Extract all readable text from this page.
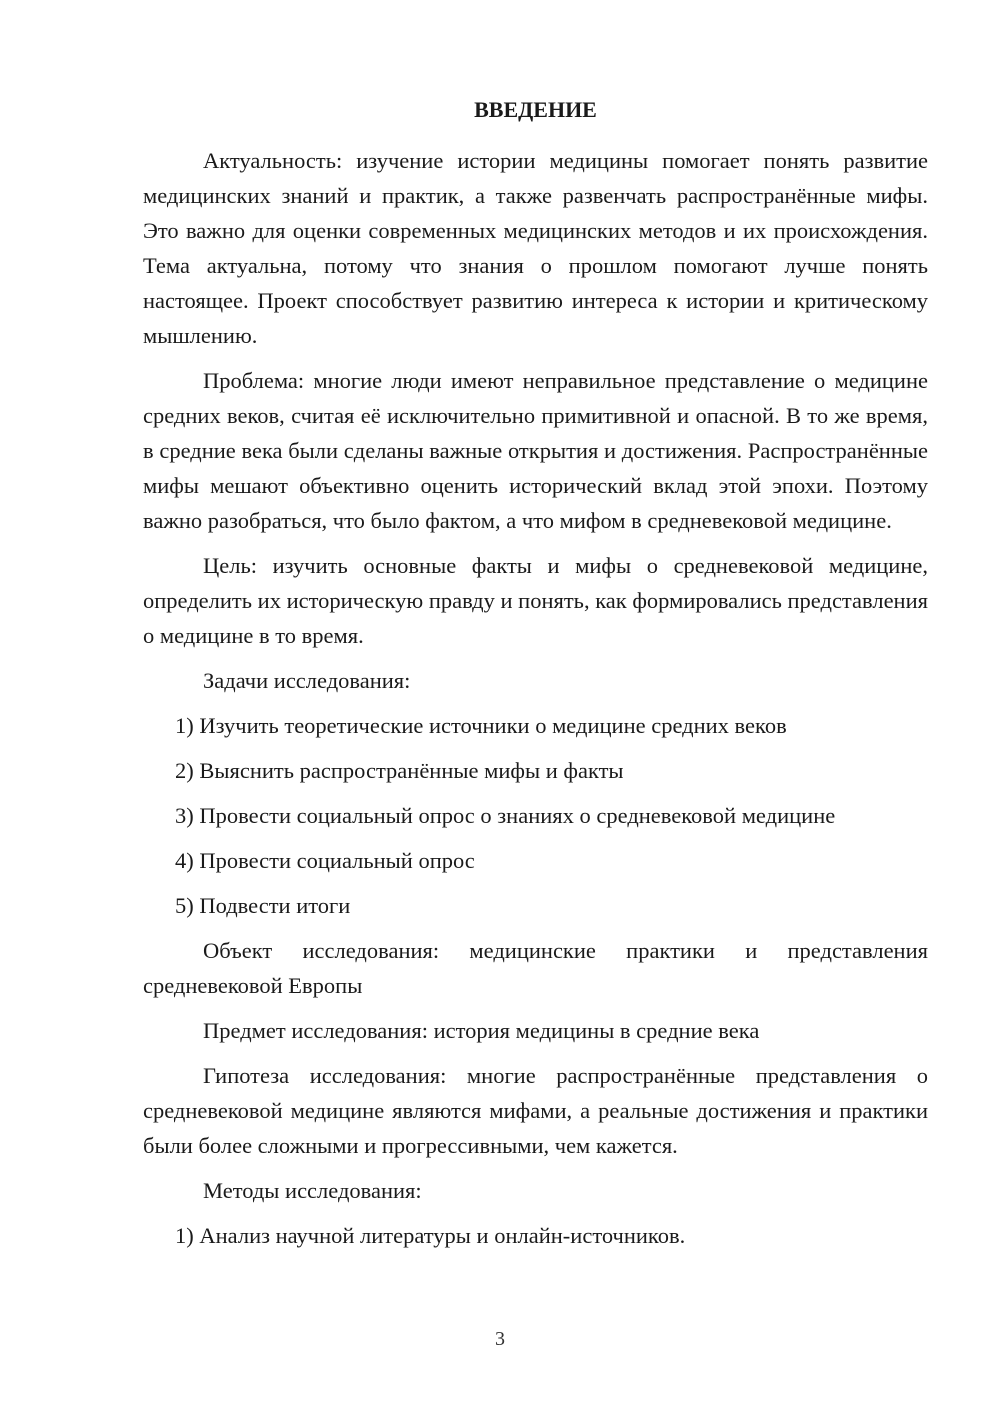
ВВЕДЕНИЕ

Актуальность: изучение истории медицины помогает понять развитие медицинских знаний и практик, а также развенчать распространённые мифы. Это важно для оценки современных медицинских методов и их происхождения. Тема актуальна, потому что знания о прошлом помогают лучше понять настоящее. Проект способствует развитию интереса к истории и критическому мышлению.

Проблема: многие люди имеют неправильное представление о медицине средних веков, считая её исключительно примитивной и опасной. В то же время, в средние века были сделаны важные открытия и достижения. Распространённые мифы мешают объективно оценить исторический вклад этой эпохи. Поэтому важно разобраться, что было фактом, а что мифом в средневековой медицине.

Цель: изучить основные факты и мифы о средневековой медицине, определить их историческую правду и понять, как формировались представления о медицине в то время.

Задачи исследования:

1) Изучить теоретические источники о медицине средних веков

2) Выяснить распространённые мифы и факты

3) Провести социальный опрос о знаниях о средневековой медицине

4) Провести социальный опрос

5) Подвести итоги

Объект исследования: медицинские практики и представления средневековой Европы

Предмет исследования: история медицины в средние века

Гипотеза исследования: многие распространённые представления о средневековой медицине являются мифами, а реальные достижения и практики были более сложными и прогрессивными, чем кажется.

Методы исследования:

1) Анализ научной литературы и онлайн-источников.

3
